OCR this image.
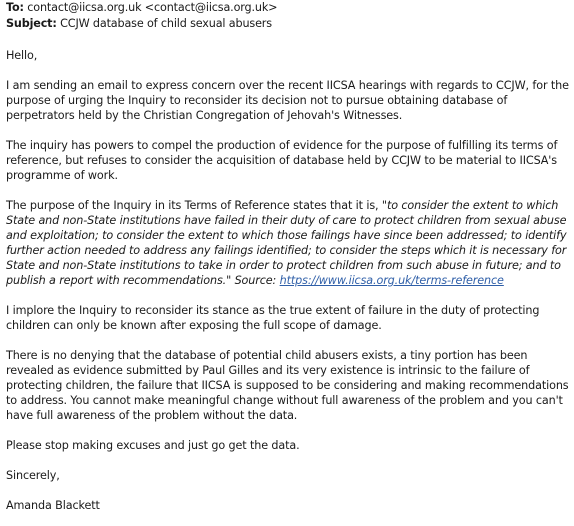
To: contact@iicsa.org.uk <contact@iicsa.org.uk>
Subject: CCJW database of child sexual abusers

Hello,

I am sending an email to express concern over the recent IICSA hearings with regards to CCJW, for the purpose of urging the Inquiry to reconsider its decision not to pursue obtaining database of perpetrators held by the Christian Congregation of Jehovah's Witnesses.

The inquiry has powers to compel the production of evidence for the purpose of fulfilling its terms of reference, but refuses to consider the acquisition of database held by CCJW to be material to IICSA's programme of work.

The purpose of the Inquiry in its Terms of Reference states that it is, "to consider the extent to which State and non-State institutions have failed in their duty of care to protect children from sexual abuse and exploitation; to consider the extent to which those failings have since been addressed; to identify further action needed to address any failings identified; to consider the steps which it is necessary for State and non-State institutions to take in order to protect children from such abuse in future; and to publish a report with recommendations." Source: https://www.iicsa.org.uk/terms-reference

I implore the Inquiry to reconsider its stance as the true extent of failure in the duty of protecting children can only be known after exposing the full scope of damage.

There is no denying that the database of potential child abusers exists, a tiny portion has been revealed as evidence submitted by Paul Gilles and its very existence is intrinsic to the failure of protecting children, the failure that IICSA is supposed to be considering and making recommendations to address. You cannot make meaningful change without full awareness of the problem and you can't have full awareness of the problem without the data.

Please stop making excuses and just go get the data.

Sincerely,

Amanda Blackett
